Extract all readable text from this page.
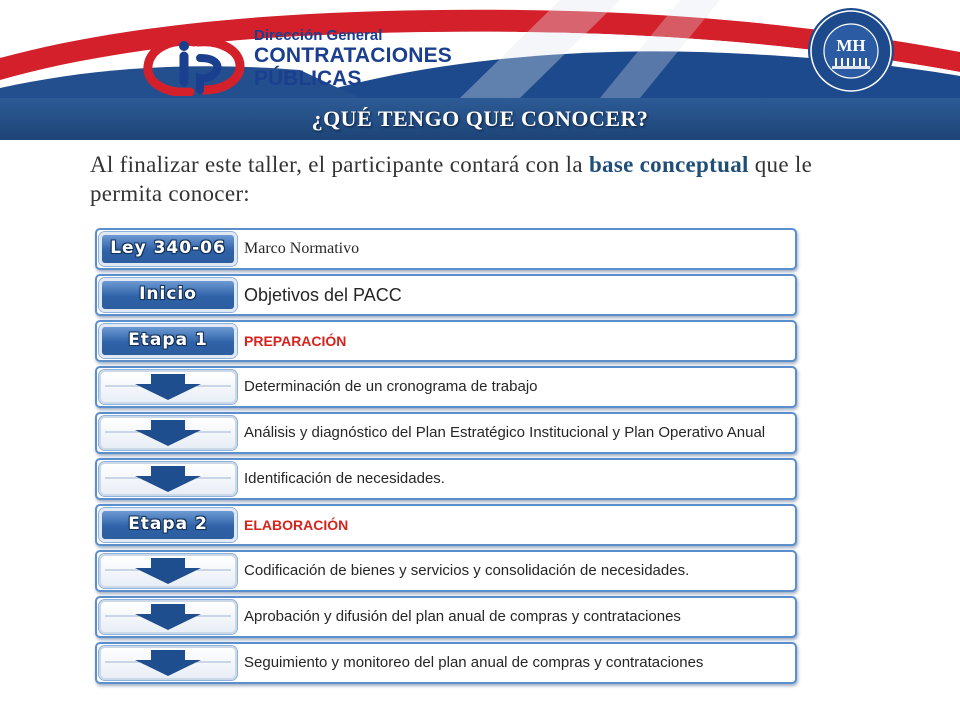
Dirección General
CONTRATACIONES
PÚBLICAS
MH
¿QUÉ TENGO QUE CONOCER?
Al finalizar este taller, el participante contará con la base conceptual que le permita conocer:
Ley 340-06	Marco Normativo
Inicio	Objetivos del PACC
Etapa 1	PREPARACIÓN
Determinación de un cronograma de trabajo
Análisis y diagnóstico del Plan Estratégico Institucional y Plan Operativo Anual
Identificación de necesidades.
Etapa 2	ELABORACIÓN
Codificación de bienes y servicios y consolidación de necesidades.
Aprobación y difusión del plan anual de compras y contrataciones
Seguimiento y monitoreo del plan anual de compras y contrataciones
